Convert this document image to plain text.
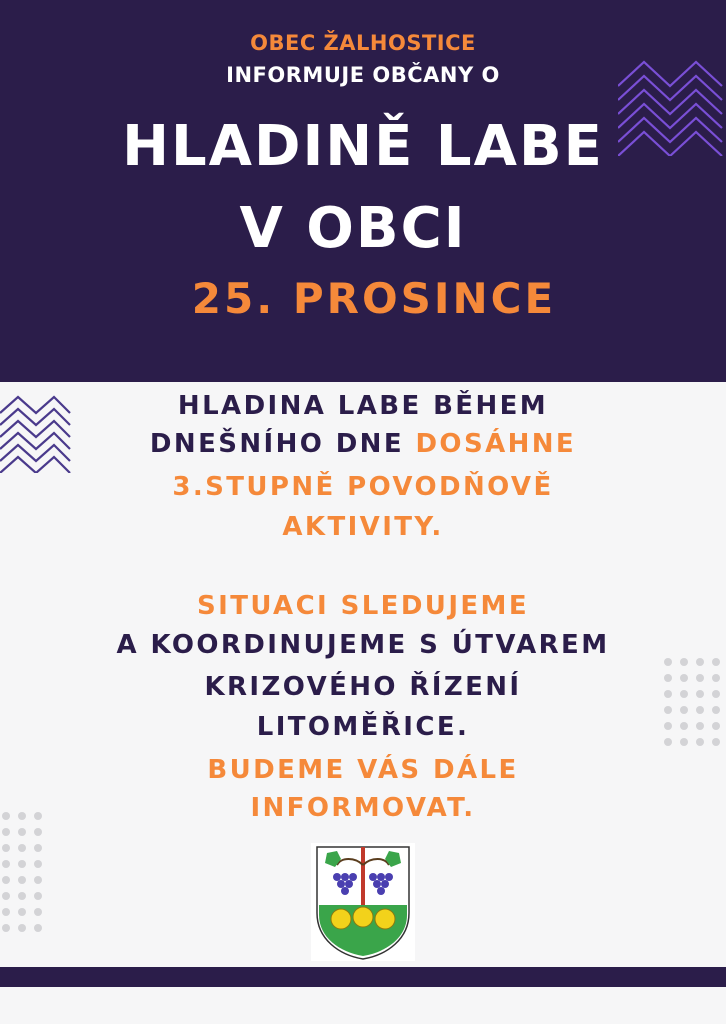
OBEC ŽALHOSTICE
INFORMUJE OBČANY O
HLADINĚ LABE
V OBCI
25. PROSINCE
HLADINA LABE BĚHEM
DNEŠNÍHO DNE DOSÁHNE
3.STUPNĚ POVODŇOVĚ
AKTIVITY.
SITUACI SLEDUJEME
A KOORDINUJEME S ÚTVAREM
KRIZOVÉHO ŘÍZENÍ
LITOMĚŘICE.
BUDEME VÁS DÁLE
INFORMOVAT.
